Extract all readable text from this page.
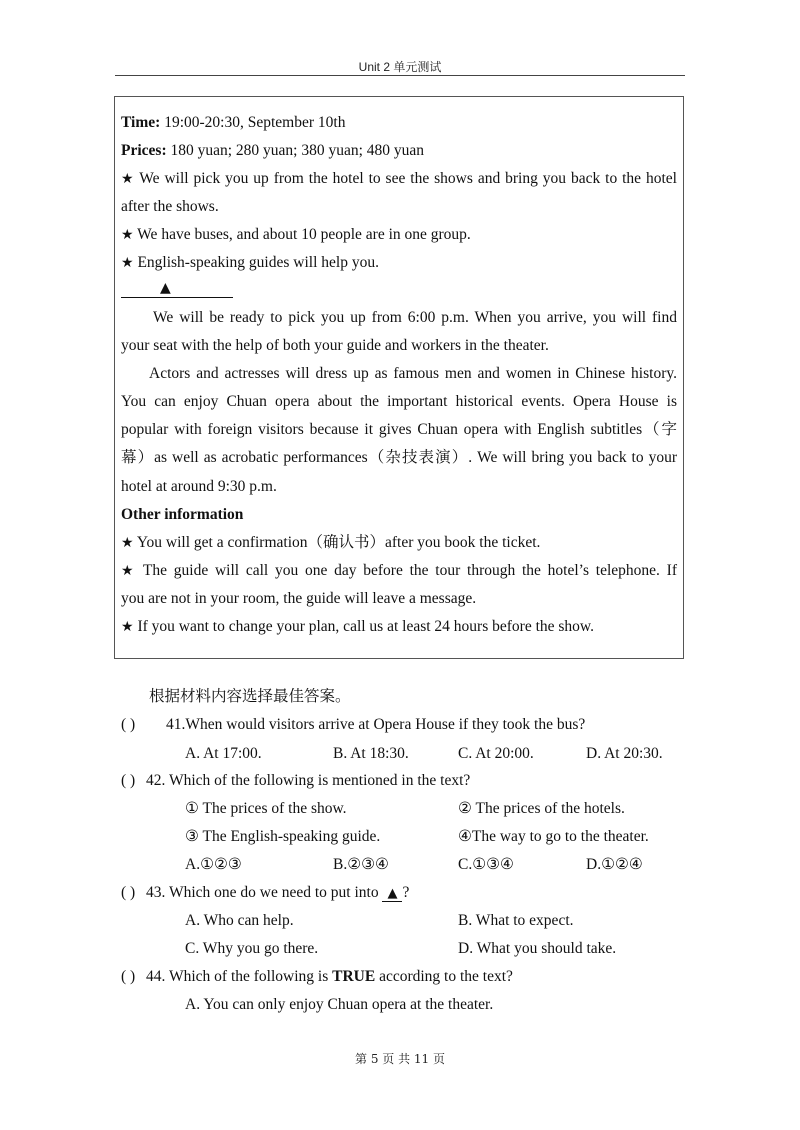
Unit 2 单元测试
Time: 19:00-20:30, September 10th
Prices: 180 yuan; 280 yuan; 380 yuan; 480 yuan
★ We will pick you up from the hotel to see the shows and bring you back to the hotel
after the shows.
★ We have buses, and about 10 people are in one group.
★ English-speaking guides will help you.
▲
We will be ready to pick you up from 6:00 p.m. When you arrive, you will find
your seat with the help of both your guide and workers in the theater.
Actors and actresses will dress up as famous men and women in Chinese history.
You can enjoy Chuan opera about the important historical events. Opera House is
popular with foreign visitors because it gives Chuan opera with English subtitles（字
幕）as well as acrobatic performances（杂技表演）. We will bring you back to your
hotel at around 9:30 p.m.
Other information
★ You will get a confirmation（确认书）after you book the ticket.
★ The guide will call you one day before the tour through the hotel’s telephone. If
you are not in your room, the guide will leave a message.
★ If you want to change your plan, call us at least 24 hours before the show.
根据材料内容选择最佳答案。
( ) 41.When would visitors arrive at Opera House if they took the bus?
A. At 17:00.	B. At 18:30.	C. At 20:00.	D. At 20:30.
( ) 42. Which of the following is mentioned in the text?
① The prices of the show.	② The prices of the hotels.
③ The English-speaking guide.	④The way to go to the theater.
A.①②③	B.②③④	C.①③④	D.①②④
( ) 43. Which one do we need to put into ▲ ?
A. Who can help.	B. What to expect.
C. Why you go there.	D. What you should take.
( ) 44. Which of the following is TRUE according to the text?
A. You can only enjoy Chuan opera at the theater.
第 5 页 共 11 页
